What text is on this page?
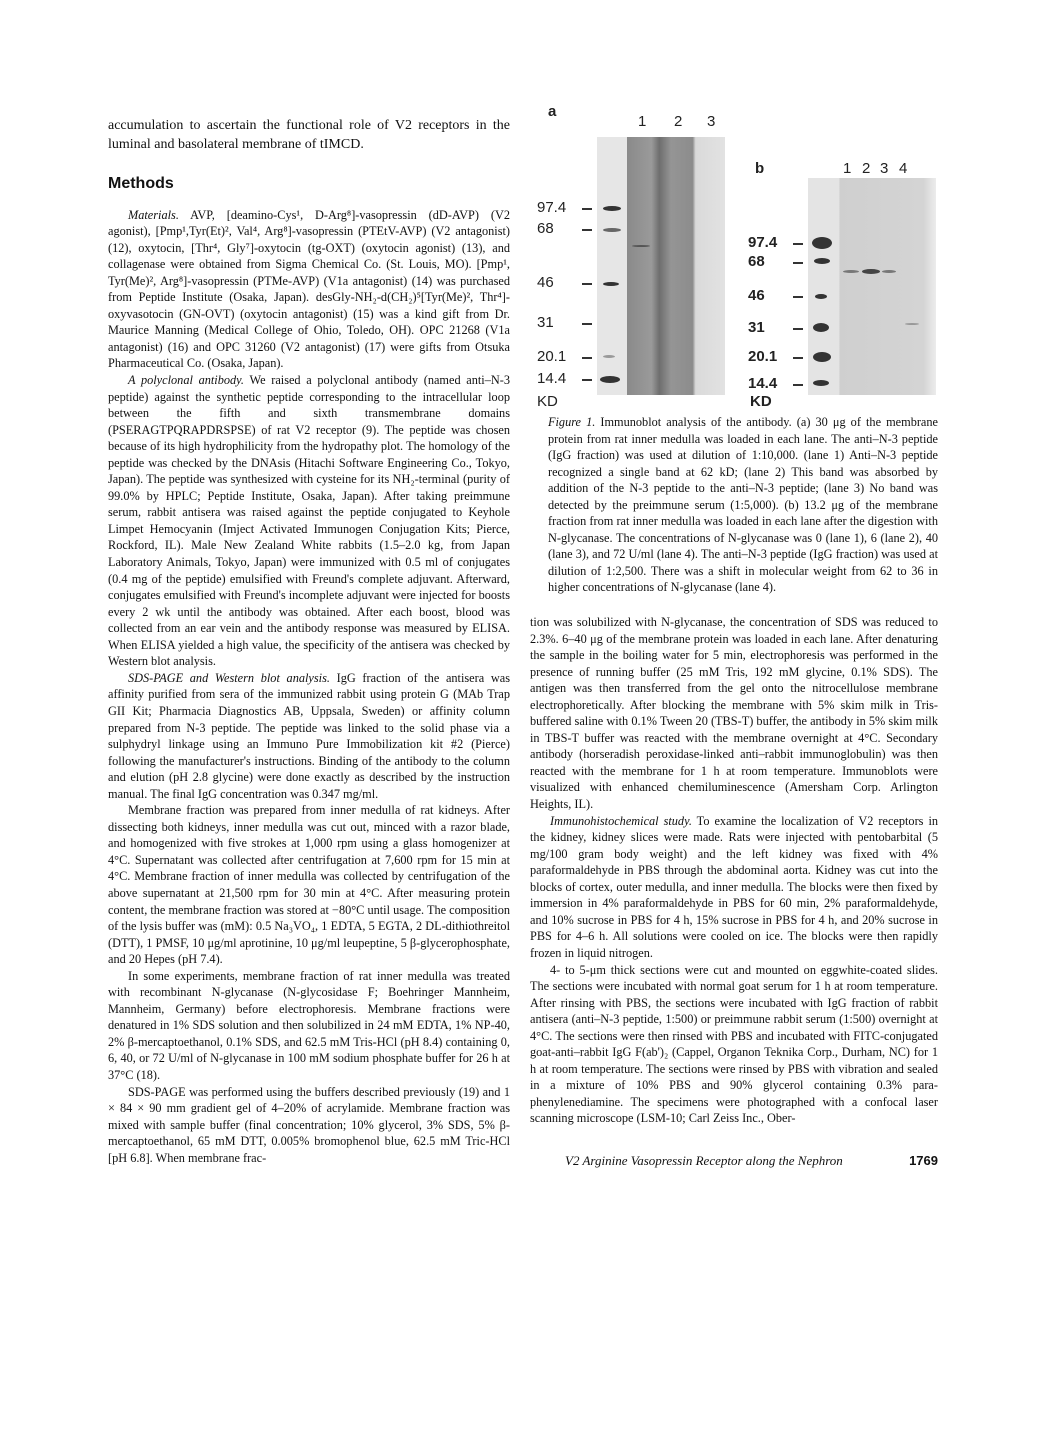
accumulation to ascertain the functional role of V2 receptors in the luminal and basolateral membrane of tIMCD.

Methods

Materials. AVP, [deamino-Cys¹, D-Arg⁸]-vasopressin (dD-AVP) (V2 agonist), [Pmp¹,Tyr(Et)², Val⁴, Arg⁸]-vasopressin (PTEtV-AVP) (V2 antagonist) (12), oxytocin, [Thr⁴, Gly⁷]-oxytocin (tg-OXT) (oxytocin agonist) (13), and collagenase were obtained from Sigma Chemical Co. (St. Louis, MO). [Pmp¹, Tyr(Me)², Arg⁸]-vasopressin (PTMe-AVP) (V1a antagonist) (14) was purchased from Peptide Institute (Osaka, Japan). desGly-NH₂-d(CH₂)⁵[Tyr(Me)², Thr⁴]-oxyvasotocin (GN-OVT) (oxytocin antagonist) (15) was a kind gift from Dr. Maurice Manning (Medical College of Ohio, Toledo, OH). OPC 21268 (V1a antagonist) (16) and OPC 31260 (V2 antagonist) (17) were gifts from Otsuka Pharmaceutical Co. (Osaka, Japan).

A polyclonal antibody. We raised a polyclonal antibody (named anti–N-3 peptide) against the synthetic peptide corresponding to the intracellular loop between the fifth and sixth transmembrane domains (PSERAGTPQRAPDRSPSE) of rat V2 receptor (9). The peptide was chosen because of its high hydrophilicity from the hydropathy plot. The homology of the peptide was checked by the DNAsis (Hitachi Software Engineering Co., Tokyo, Japan). The peptide was synthesized with cysteine for its NH₂-terminal (purity of 99.0% by HPLC; Peptide Institute, Osaka, Japan). After taking preimmune serum, rabbit antisera was raised against the peptide conjugated to Keyhole Limpet Hemocyanin (Imject Activated Immunogen Conjugation Kits; Pierce, Rockford, IL). Male New Zealand White rabbits (1.5–2.0 kg, from Japan Laboratory Animals, Tokyo, Japan) were immunized with 0.5 ml of conjugates (0.4 mg of the peptide) emulsified with Freund's complete adjuvant. Afterward, conjugates emulsified with Freund's incomplete adjuvant were injected for boosts every 2 wk until the antibody was obtained. After each boost, blood was collected from an ear vein and the antibody response was measured by ELISA. When ELISA yielded a high value, the specificity of the antisera was checked by Western blot analysis.

SDS-PAGE and Western blot analysis. IgG fraction of the antisera was affinity purified from sera of the immunized rabbit using protein G (MAb Trap GII Kit; Pharmacia Diagnostics AB, Uppsala, Sweden) or affinity column prepared from N-3 peptide. The peptide was linked to the solid phase via a sulphydryl linkage using an Immuno Pure Immobilization kit #2 (Pierce) following the manufacturer's instructions. Binding of the antibody to the column and elution (pH 2.8 glycine) were done exactly as described by the instruction manual. The final IgG concentration was 0.347 mg/ml.

Membrane fraction was prepared from inner medulla of rat kidneys. After dissecting both kidneys, inner medulla was cut out, minced with a razor blade, and homogenized with five strokes at 1,000 rpm using a glass homogenizer at 4°C. Supernatant was collected after centrifugation at 7,600 rpm for 15 min at 4°C. Membrane fraction of inner medulla was collected by centrifugation of the above supernatant at 21,500 rpm for 30 min at 4°C. After measuring protein content, the membrane fraction was stored at −80°C until usage. The composition of the lysis buffer was (mM): 0.5 Na₃VO₄, 1 EDTA, 5 EGTA, 2 DL-dithiothreitol (DTT), 1 PMSF, 10 μg/ml aprotinine, 10 μg/ml leupeptine, 5 β-glycerophosphate, and 20 Hepes (pH 7.4).

In some experiments, membrane fraction of rat inner medulla was treated with recombinant N-glycanase (N-glycosidase F; Boehringer Mannheim, Mannheim, Germany) before electrophoresis. Membrane fractions were denatured in 1% SDS solution and then solubilized in 24 mM EDTA, 1% NP-40, 2% β-mercaptoethanol, 0.1% SDS, and 62.5 mM Tris-HCl (pH 8.4) containing 0, 6, 40, or 72 U/ml of N-glycanase in 100 mM sodium phosphate buffer for 26 h at 37°C (18).

SDS-PAGE was performed using the buffers described previously (19) and 1 × 84 × 90 mm gradient gel of 4–20% of acrylamide. Membrane fraction was mixed with sample buffer (final concentration; 10% glycerol, 3% SDS, 5% β-mercaptoethanol, 65 mM DTT, 0.005% bromophenol blue, 62.5 mM Tric-HCl [pH 6.8]. When membrane frac-

a
1 2 3
97.4
68
46
31
20.1
14.4
KD
b	1 2 3 4
97.4
68
46
31
20.1
14.4
KD
Figure 1. Immunoblot analysis of the antibody. (a) 30 μg of the membrane protein from rat inner medulla was loaded in each lane. The anti–N-3 peptide (IgG fraction) was used at dilution of 1:10,000. (lane 1) Anti–N-3 peptide recognized a single band at 62 kD; (lane 2) This band was absorbed by addition of the N-3 peptide to the anti–N-3 peptide; (lane 3) No band was detected by the preimmune serum (1:5,000). (b) 13.2 μg of the membrane fraction from rat inner medulla was loaded in each lane after the digestion with N-glycanase. The concentrations of N-glycanase was 0 (lane 1), 6 (lane 2), 40 (lane 3), and 72 U/ml (lane 4). The anti–N-3 peptide (IgG fraction) was used at dilution of 1:2,500. There was a shift in molecular weight from 62 to 36 in higher concentrations of N-glycanase (lane 4).

tion was solubilized with N-glycanase, the concentration of SDS was reduced to 2.3%. 6–40 μg of the membrane protein was loaded in each lane. After denaturing the sample in the boiling water for 5 min, electrophoresis was performed in the presence of running buffer (25 mM Tris, 192 mM glycine, 0.1% SDS). The antigen was then transferred from the gel onto the nitrocellulose membrane electrophoretically. After blocking the membrane with 5% skim milk in Tris-buffered saline with 0.1% Tween 20 (TBS-T) buffer, the antibody in 5% skim milk in TBS-T buffer was reacted with the membrane overnight at 4°C. Secondary antibody (horseradish peroxidase-linked anti–rabbit immunoglobulin) was then reacted with the membrane for 1 h at room temperature. Immunoblots were visualized with enhanced chemiluminescence (Amersham Corp. Arlington Heights, IL).

Immunohistochemical study. To examine the localization of V2 receptors in the kidney, kidney slices were made. Rats were injected with pentobarbital (5 mg/100 gram body weight) and the left kidney was fixed with 4% paraformaldehyde in PBS through the abdominal aorta. Kidney was cut into the blocks of cortex, outer medulla, and inner medulla. The blocks were then fixed by immersion in 4% paraformaldehyde in PBS for 60 min, 2% paraformaldehyde, and 10% sucrose in PBS for 4 h, 15% sucrose in PBS for 4 h, and 20% sucrose in PBS for 4–6 h. All solutions were cooled on ice. The blocks were then rapidly frozen in liquid nitrogen.

4- to 5-μm thick sections were cut and mounted on eggwhite-coated slides. The sections were incubated with normal goat serum for 1 h at room temperature. After rinsing with PBS, the sections were incubated with IgG fraction of rabbit antisera (anti–N-3 peptide, 1:500) or preimmune rabbit serum (1:500) overnight at 4°C. The sections were then rinsed with PBS and incubated with FITC-conjugated goat-anti–rabbit IgG F(ab')₂ (Cappel, Organon Teknika Corp., Durham, NC) for 1 h at room temperature. The sections were rinsed by PBS with vibration and sealed in a mixture of 10% PBS and 90% glycerol containing 0.3% para-phenylenediamine. The specimens were photographed with a confocal laser scanning microscope (LSM-10; Carl Zeiss Inc., Ober-

V2 Arginine Vasopressin Receptor along the Nephron	1769
